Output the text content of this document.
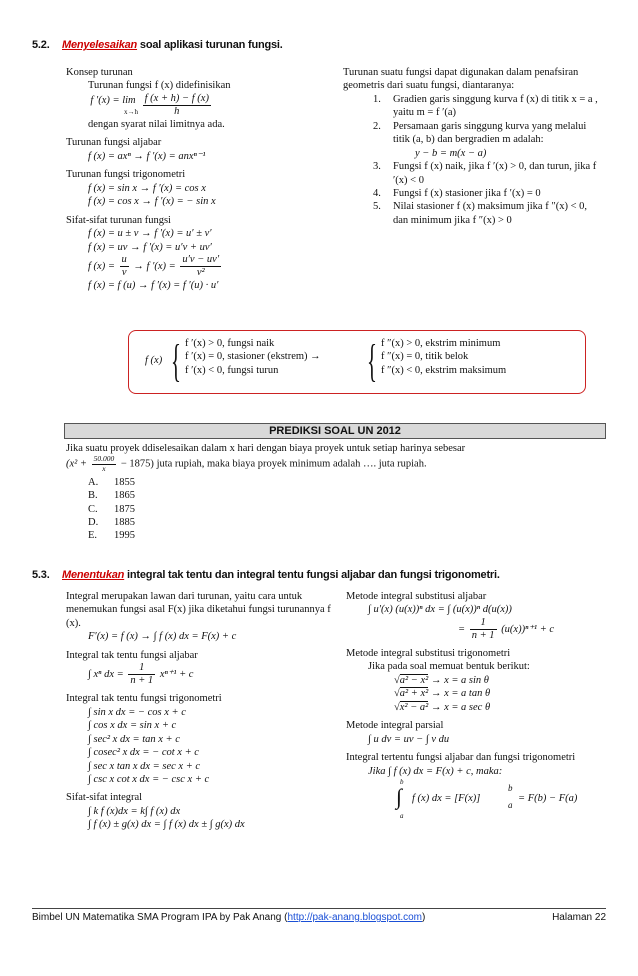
5.2. Menyelesaikan soal aplikasi turunan fungsi.
Konsep turunan
Turunan fungsi f (x) didefinisikan
f ′(x) = lim
x→h
$\frac{f (x + h) - f (x)}{h}$
dengan syarat nilai limitnya ada.
Turunan fungsi aljabar
f (x) = axⁿ → f ′(x) = anxⁿ⁻¹
Turunan fungsi trigonometri
f (x) = sin x → f ′(x) = cos x
f (x) = cos x → f ′(x) = − sin x
Sifat-sifat turunan fungsi
f (x) = u ± v → f ′(x) = u′ ± v′
f (x) = uv → f ′(x) = u′v + uv′
f $(x) = \frac{u}{v} \to f$ $'(x) = \frac{u'v - uv'}{\text{v²}}$
f (x) = f (u) → f ′(x) = f ′(u) · u′
Turunan suatu fungsi dapat digunakan dalam penafsiran geometris dari suatu fungsi, diantaranya:
1. Gradien garis singgung kurva f (x) di titik x = a , yaitu m = f ′(a)
2. Persamaan garis singgung kurva yang melalui titik (a, b) dan bergradien m adalah:
y − b = m(x − a)
3. Fungsi f (x) naik, jika f ′(x) > 0, dan turun, jika f ′(x) < 0
4. Fungsi f (x) stasioner jika f ′(x) = 0
5. Nilai stasioner f (x) maksimum jika f ″(x) < 0, dan minimum jika f ″(x) > 0
f (x) { f ′(x) > 0, fungsi naik
f ′(x) = 0, stasioner (ekstrem) →
f ′(x) < 0, fungsi turun	{ f ″(x) > 0, ekstrim minimum
f ″(x) = 0, titik belok
f ″(x) < 0, ekstrim maksimum
PREDIKSI SOAL UN 2012
Jika suatu proyek ddiselesaikan dalam x hari dengan biaya proyek untuk setiap harinya sebesar
$(x^2 + \frac{50.000}{x} - 1875)$ juta rupiah, maka biaya proyek minimum adalah …. juta rupiah.
A.	1855
B.	1865
C.	1875
D.	1885
E.	1995
5.3. Menentukan integral tak tentu dan integral tentu fungsi aljabar dan fungsi trigonometri.
Integral merupakan lawan dari turunan, yaitu cara untuk menemukan fungsi asal F(x) jika diketahui fungsi turunannya f (x).
F′(x) = f (x) → ∫ f (x) dx = F(x) + c
Integral tak tentu fungsi aljabar
∫ xⁿ dx = $\frac{1}{n + 1} x^{n+1} + c$
Integral tak tentu fungsi trigonometri
∫ sin x dx = − cos x + c
∫ cos x dx = sin x + c
∫ sec² x dx = tan x + c
∫ cosec² x dx = − cot x + c
∫ sec x tan x dx = sec x + c
∫ csc x cot x dx = − csc x + c
Sifat-sifat integral
∫ k f (x)dx = k∫ f (x) dx
∫ f (x) ± g(x) dx = ∫ f (x) dx ± ∫ g(x) dx
Metode integral substitusi aljabar
∫ u′(x) (u(x))ⁿ dx = ∫ (u(x))ⁿ d(u(x))
= $\frac{1}{n + 1} (u(x))^{n+1} + c$
Metode integral substitusi trigonometri
Jika pada soal memuat bentuk berikut:
√a² − x² → x = a sin θ
√a² + x² → x = a tan θ
√x² − a² → x = a sec θ
Metode integral parsial
∫ u dv = uv − ∫ v du
Integral tertentu fungsi aljabar dan fungsi trigonometri
Jika ∫ f (x) dx = F(x) + c, maka:
b
∫
a
f (x) dx = [F(x)]
b
a
= F(b) − F(a)
Bimbel UN Matematika SMA Program IPA by Pak Anang (http://pak-anang.blogspot.com)	Halaman 22
